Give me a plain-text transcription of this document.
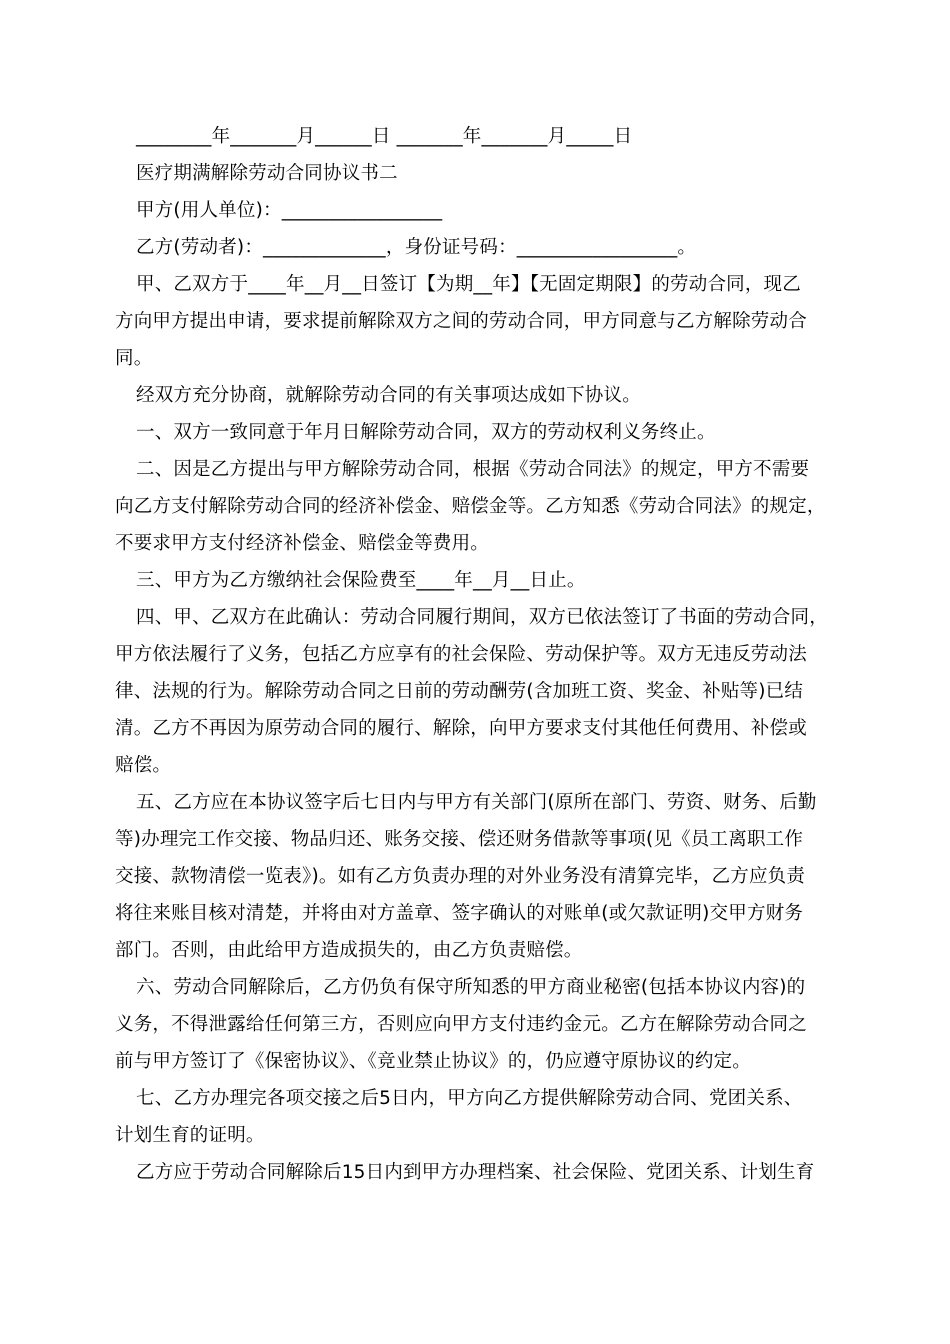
________年_______月______日 _______年_______月_____日
医疗期满解除劳动合同协议书二
甲方(用人单位)：_________________
乙方(劳动者)：_____________，身份证号码：_________________。
甲、乙双方于____年__月__日签订【为期__年】【无固定期限】的劳动合同，现乙
方向甲方提出申请，要求提前解除双方之间的劳动合同，甲方同意与乙方解除劳动合
同。
经双方充分协商，就解除劳动合同的有关事项达成如下协议。
一、双方一致同意于年月日解除劳动合同，双方的劳动权利义务终止。
二、因是乙方提出与甲方解除劳动合同，根据《劳动合同法》的规定，甲方不需要
向乙方支付解除劳动合同的经济补偿金、赔偿金等。乙方知悉《劳动合同法》的规定，
不要求甲方支付经济补偿金、赔偿金等费用。
三、甲方为乙方缴纳社会保险费至____年__月__日止。
四、甲、乙双方在此确认：劳动合同履行期间，双方已依法签订了书面的劳动合同，
甲方依法履行了义务，包括乙方应享有的社会保险、劳动保护等。双方无违反劳动法
律、法规的行为。解除劳动合同之日前的劳动酬劳(含加班工资、奖金、补贴等)已结
清。乙方不再因为原劳动合同的履行、解除，向甲方要求支付其他任何费用、补偿或
赔偿。
五、乙方应在本协议签字后七日内与甲方有关部门(原所在部门、劳资、财务、后勤
等)办理完工作交接、物品归还、账务交接、偿还财务借款等事项(见《员工离职工作
交接、款物清偿一览表》)。如有乙方负责办理的对外业务没有清算完毕，乙方应负责
将往来账目核对清楚，并将由对方盖章、签字确认的对账单(或欠款证明)交甲方财务
部门。否则，由此给甲方造成损失的，由乙方负责赔偿。
六、劳动合同解除后，乙方仍负有保守所知悉的甲方商业秘密(包括本协议内容)的
义务，不得泄露给任何第三方，否则应向甲方支付违约金元。乙方在解除劳动合同之
前与甲方签订了《保密协议》、《竞业禁止协议》的，仍应遵守原协议的约定。
七、乙方办理完各项交接之后5日内，甲方向乙方提供解除劳动合同、党团关系、
计划生育的证明。
乙方应于劳动合同解除后15日内到甲方办理档案、社会保险、党团关系、计划生育
